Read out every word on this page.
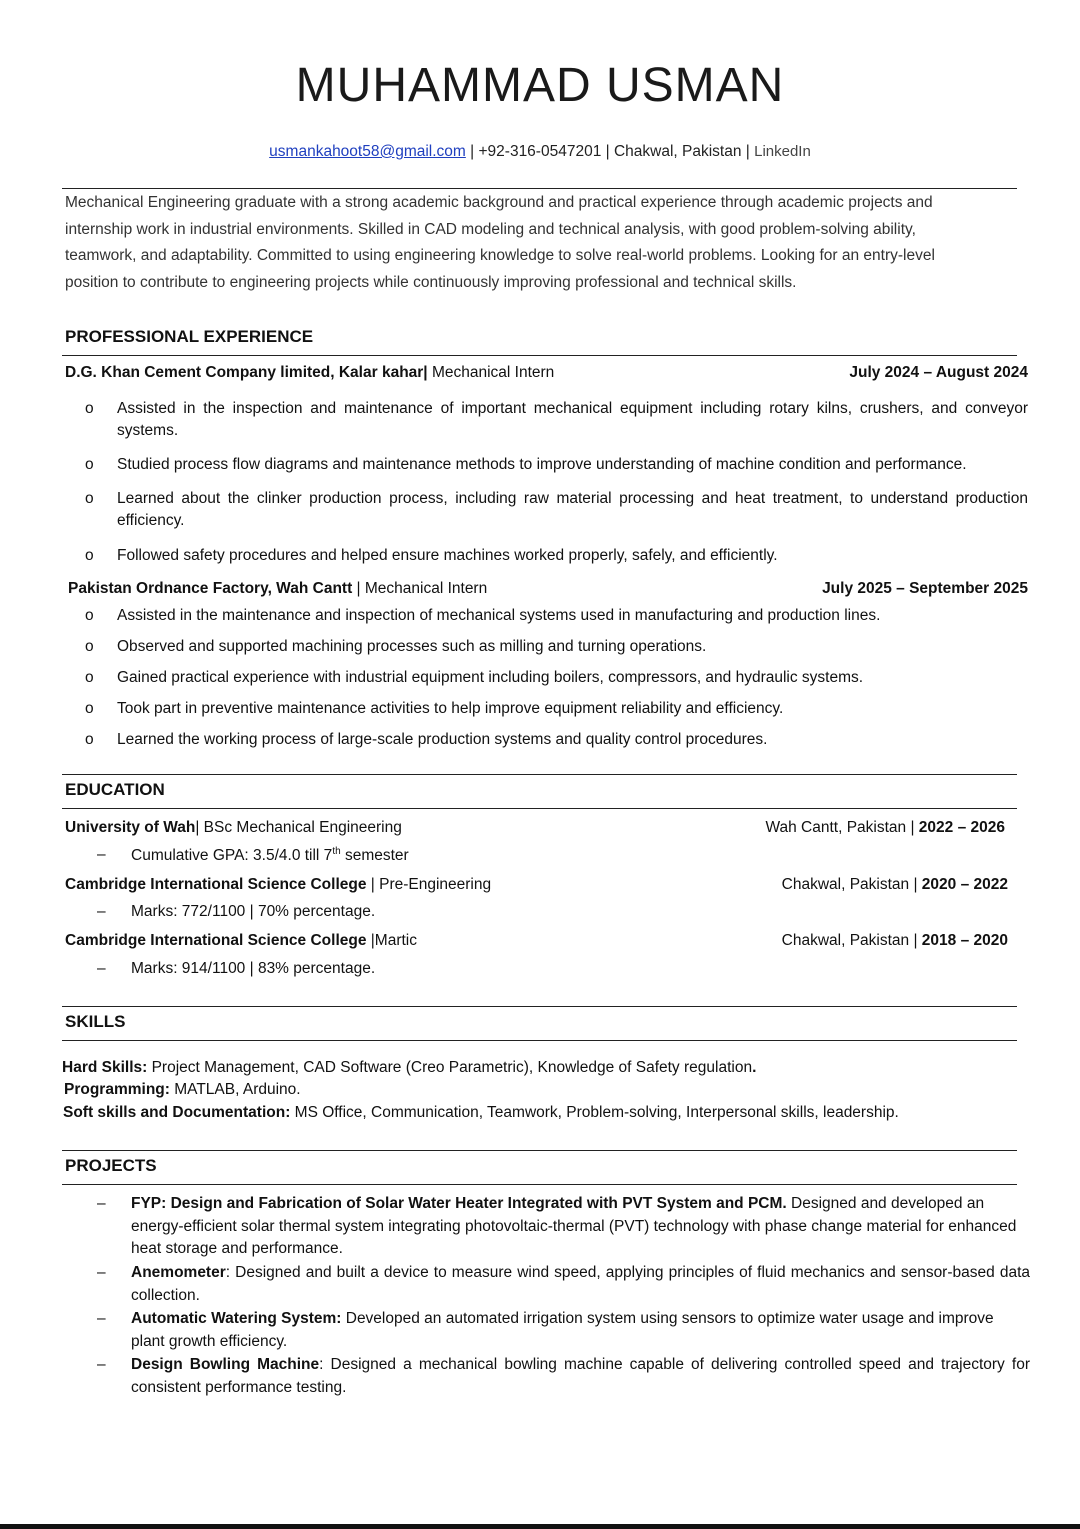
MUHAMMAD USMAN
usmankahoot58@gmail.com | +92-316-0547201 | Chakwal, Pakistan | LinkedIn
Mechanical Engineering graduate with a strong academic background and practical experience through academic projects and internship work in industrial environments. Skilled in CAD modeling and technical analysis, with good problem-solving ability, teamwork, and adaptability. Committed to using engineering knowledge to solve real-world problems. Looking for an entry-level position to contribute to engineering projects while continuously improving professional and technical skills.
PROFESSIONAL EXPERIENCE
D.G. Khan Cement Company limited, Kalar kahar| Mechanical Intern	July 2024 – August 2024
o Assisted in the inspection and maintenance of important mechanical equipment including rotary kilns, crushers, and conveyor systems.
o Studied process flow diagrams and maintenance methods to improve understanding of machine condition and performance.
o Learned about the clinker production process, including raw material processing and heat treatment, to understand production efficiency.
o Followed safety procedures and helped ensure machines worked properly, safely, and efficiently.
Pakistan Ordnance Factory, Wah Cantt | Mechanical Intern	July 2025 – September 2025
o Assisted in the maintenance and inspection of mechanical systems used in manufacturing and production lines.
o Observed and supported machining processes such as milling and turning operations.
o Gained practical experience with industrial equipment including boilers, compressors, and hydraulic systems.
o Took part in preventive maintenance activities to help improve equipment reliability and efficiency.
o Learned the working process of large-scale production systems and quality control procedures.
EDUCATION
University of Wah| BSc Mechanical Engineering	Wah Cantt, Pakistan | 2022 – 2026
– Cumulative GPA: 3.5/4.0 till 7th semester
Cambridge International Science College | Pre-Engineering	Chakwal, Pakistan | 2020 – 2022
– Marks: 772/1100 | 70% percentage.
Cambridge International Science College |Martic	Chakwal, Pakistan | 2018 – 2020
– Marks: 914/1100 | 83% percentage.
SKILLS
Hard Skills: Project Management, CAD Software (Creo Parametric), Knowledge of Safety regulation.
Programming: MATLAB, Arduino.
Soft skills and Documentation: MS Office, Communication, Teamwork, Problem-solving, Interpersonal skills, leadership.
PROJECTS
– FYP: Design and Fabrication of Solar Water Heater Integrated with PVT System and PCM. Designed and developed an energy-efficient solar thermal system integrating photovoltaic-thermal (PVT) technology with phase change material for enhanced heat storage and performance.
– Anemometer: Designed and built a device to measure wind speed, applying principles of fluid mechanics and sensor-based data collection.
– Automatic Watering System: Developed an automated irrigation system using sensors to optimize water usage and improve plant growth efficiency.
– Design Bowling Machine: Designed a mechanical bowling machine capable of delivering controlled speed and trajectory for consistent performance testing.
